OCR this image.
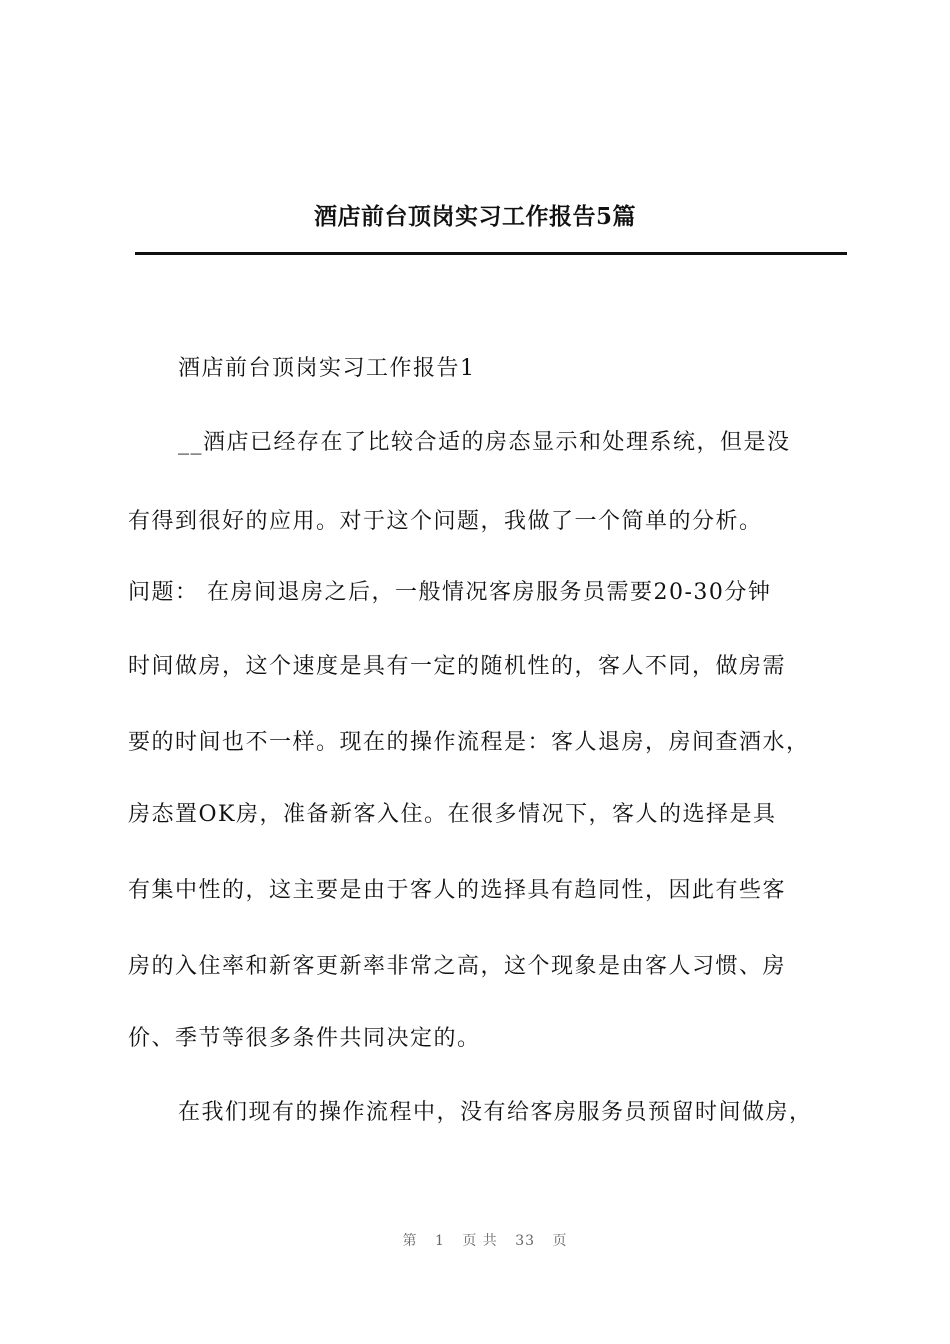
酒店前台顶岗实习工作报告5篇
酒店前台顶岗实习工作报告1
__酒店已经存在了比较合适的房态显示和处理系统，但是没
有得到很好的应用。对于这个问题，我做了一个简单的分析。
问题： 在房间退房之后，一般情况客房服务员需要20-30分钟
时间做房，这个速度是具有一定的随机性的，客人不同，做房需
要的时间也不一样。现在的操作流程是：客人退房，房间查酒水，
房态置OK房，准备新客入住。在很多情况下，客人的选择是具
有集中性的，这主要是由于客人的选择具有趋同性，因此有些客
房的入住率和新客更新率非常之高，这个现象是由客人习惯、房
价、季节等很多条件共同决定的。
在我们现有的操作流程中，没有给客房服务员预留时间做房，
第 1 页 共 33 页
